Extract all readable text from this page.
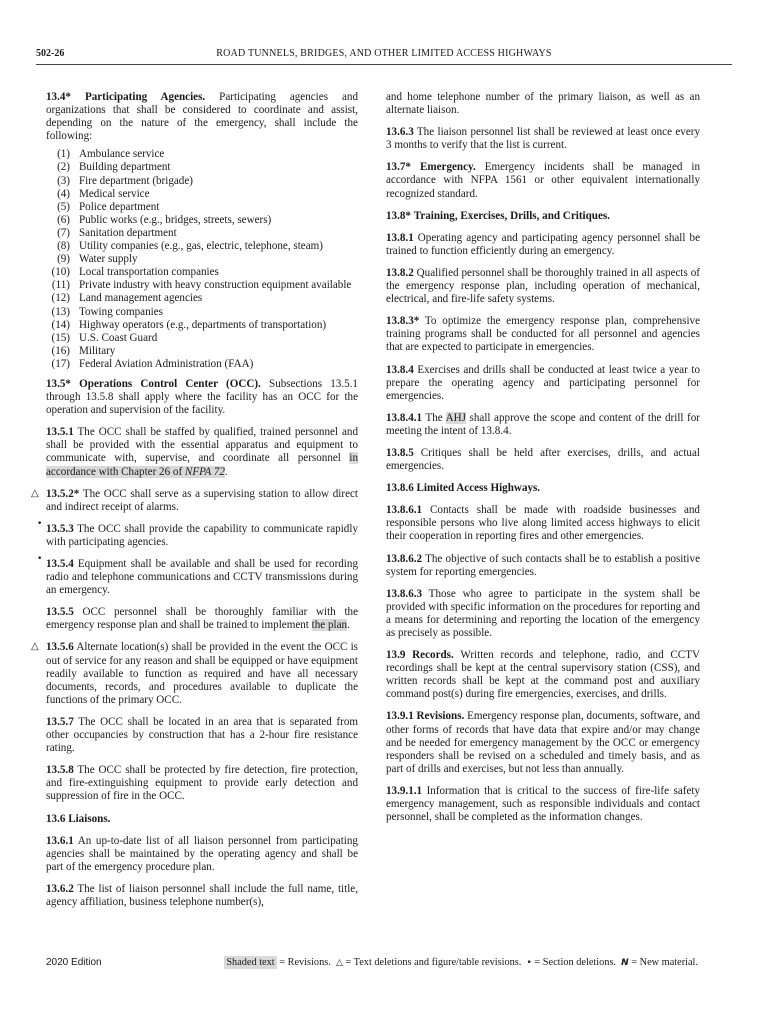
502-26	ROAD TUNNELS, BRIDGES, AND OTHER LIMITED ACCESS HIGHWAYS

13.4* Participating Agencies. Participating agencies and organizations that shall be considered to coordinate and assist, depending on the nature of the emergency, shall include the following:

(1) Ambulance service
(2) Building department
(3) Fire department (brigade)
(4) Medical service
(5) Police department
(6) Public works (e.g., bridges, streets, sewers)
(7) Sanitation department
(8) Utility companies (e.g., gas, electric, telephone, steam)
(9) Water supply
(10) Local transportation companies
(11) Private industry with heavy construction equipment available
(12) Land management agencies
(13) Towing companies
(14) Highway operators (e.g., departments of transportation)
(15) U.S. Coast Guard
(16) Military
(17) Federal Aviation Administration (FAA)

13.5* Operations Control Center (OCC). Subsections 13.5.1 through 13.5.8 shall apply where the facility has an OCC for the operation and supervision of the facility.

13.5.1 The OCC shall be staffed by qualified, trained personnel and shall be provided with the essential apparatus and equipment to communicate with, supervise, and coordinate all personnel in accordance with Chapter 26 of NFPA 72.

△ 13.5.2* The OCC shall serve as a supervising station to allow direct and indirect receipt of alarms.

• 13.5.3 The OCC shall provide the capability to communicate rapidly with participating agencies.

• 13.5.4 Equipment shall be available and shall be used for recording radio and telephone communications and CCTV transmissions during an emergency.

13.5.5 OCC personnel shall be thoroughly familiar with the emergency response plan and shall be trained to implement the plan.

△ 13.5.6 Alternate location(s) shall be provided in the event the OCC is out of service for any reason and shall be equipped or have equipment readily available to function as required and have all necessary documents, records, and procedures available to duplicate the functions of the primary OCC.

13.5.7 The OCC shall be located in an area that is separated from other occupancies by construction that has a 2-hour fire resistance rating.

13.5.8 The OCC shall be protected by fire detection, fire protection, and fire-extinguishing equipment to provide early detection and suppression of fire in the OCC.

13.6 Liaisons.

13.6.1 An up-to-date list of all liaison personnel from participating agencies shall be maintained by the operating agency and shall be part of the emergency procedure plan.

13.6.2 The list of liaison personnel shall include the full name, title, agency affiliation, business telephone number(s),

and home telephone number of the primary liaison, as well as an alternate liaison.

13.6.3 The liaison personnel list shall be reviewed at least once every 3 months to verify that the list is current.

13.7* Emergency. Emergency incidents shall be managed in accordance with NFPA 1561 or other equivalent internationally recognized standard.

13.8* Training, Exercises, Drills, and Critiques.

13.8.1 Operating agency and participating agency personnel shall be trained to function efficiently during an emergency.

13.8.2 Qualified personnel shall be thoroughly trained in all aspects of the emergency response plan, including operation of mechanical, electrical, and fire-life safety systems.

13.8.3* To optimize the emergency response plan, comprehensive training programs shall be conducted for all personnel and agencies that are expected to participate in emergencies.

13.8.4 Exercises and drills shall be conducted at least twice a year to prepare the operating agency and participating personnel for emergencies.

13.8.4.1 The AHJ shall approve the scope and content of the drill for meeting the intent of 13.8.4.

13.8.5 Critiques shall be held after exercises, drills, and actual emergencies.

13.8.6 Limited Access Highways.

13.8.6.1 Contacts shall be made with roadside businesses and responsible persons who live along limited access highways to elicit their cooperation in reporting fires and other emergencies.

13.8.6.2 The objective of such contacts shall be to establish a positive system for reporting emergencies.

13.8.6.3 Those who agree to participate in the system shall be provided with specific information on the procedures for reporting and a means for determining and reporting the location of the emergency as precisely as possible.

13.9 Records. Written records and telephone, radio, and CCTV recordings shall be kept at the central supervisory station (CSS), and written records shall be kept at the command post and auxiliary command post(s) during fire emergencies, exercises, and drills.

13.9.1 Revisions. Emergency response plan, documents, software, and other forms of records that have data that expire and/or may change and be needed for emergency management by the OCC or emergency responders shall be revised on a scheduled and timely basis, and as part of drills and exercises, but not less than annually.

13.9.1.1 Information that is critical to the success of fire-life safety emergency management, such as responsible individuals and contact personnel, shall be completed as the information changes.

2020 Edition	Shaded text = Revisions. △ = Text deletions and figure/table revisions. • = Section deletions. N = New material.
